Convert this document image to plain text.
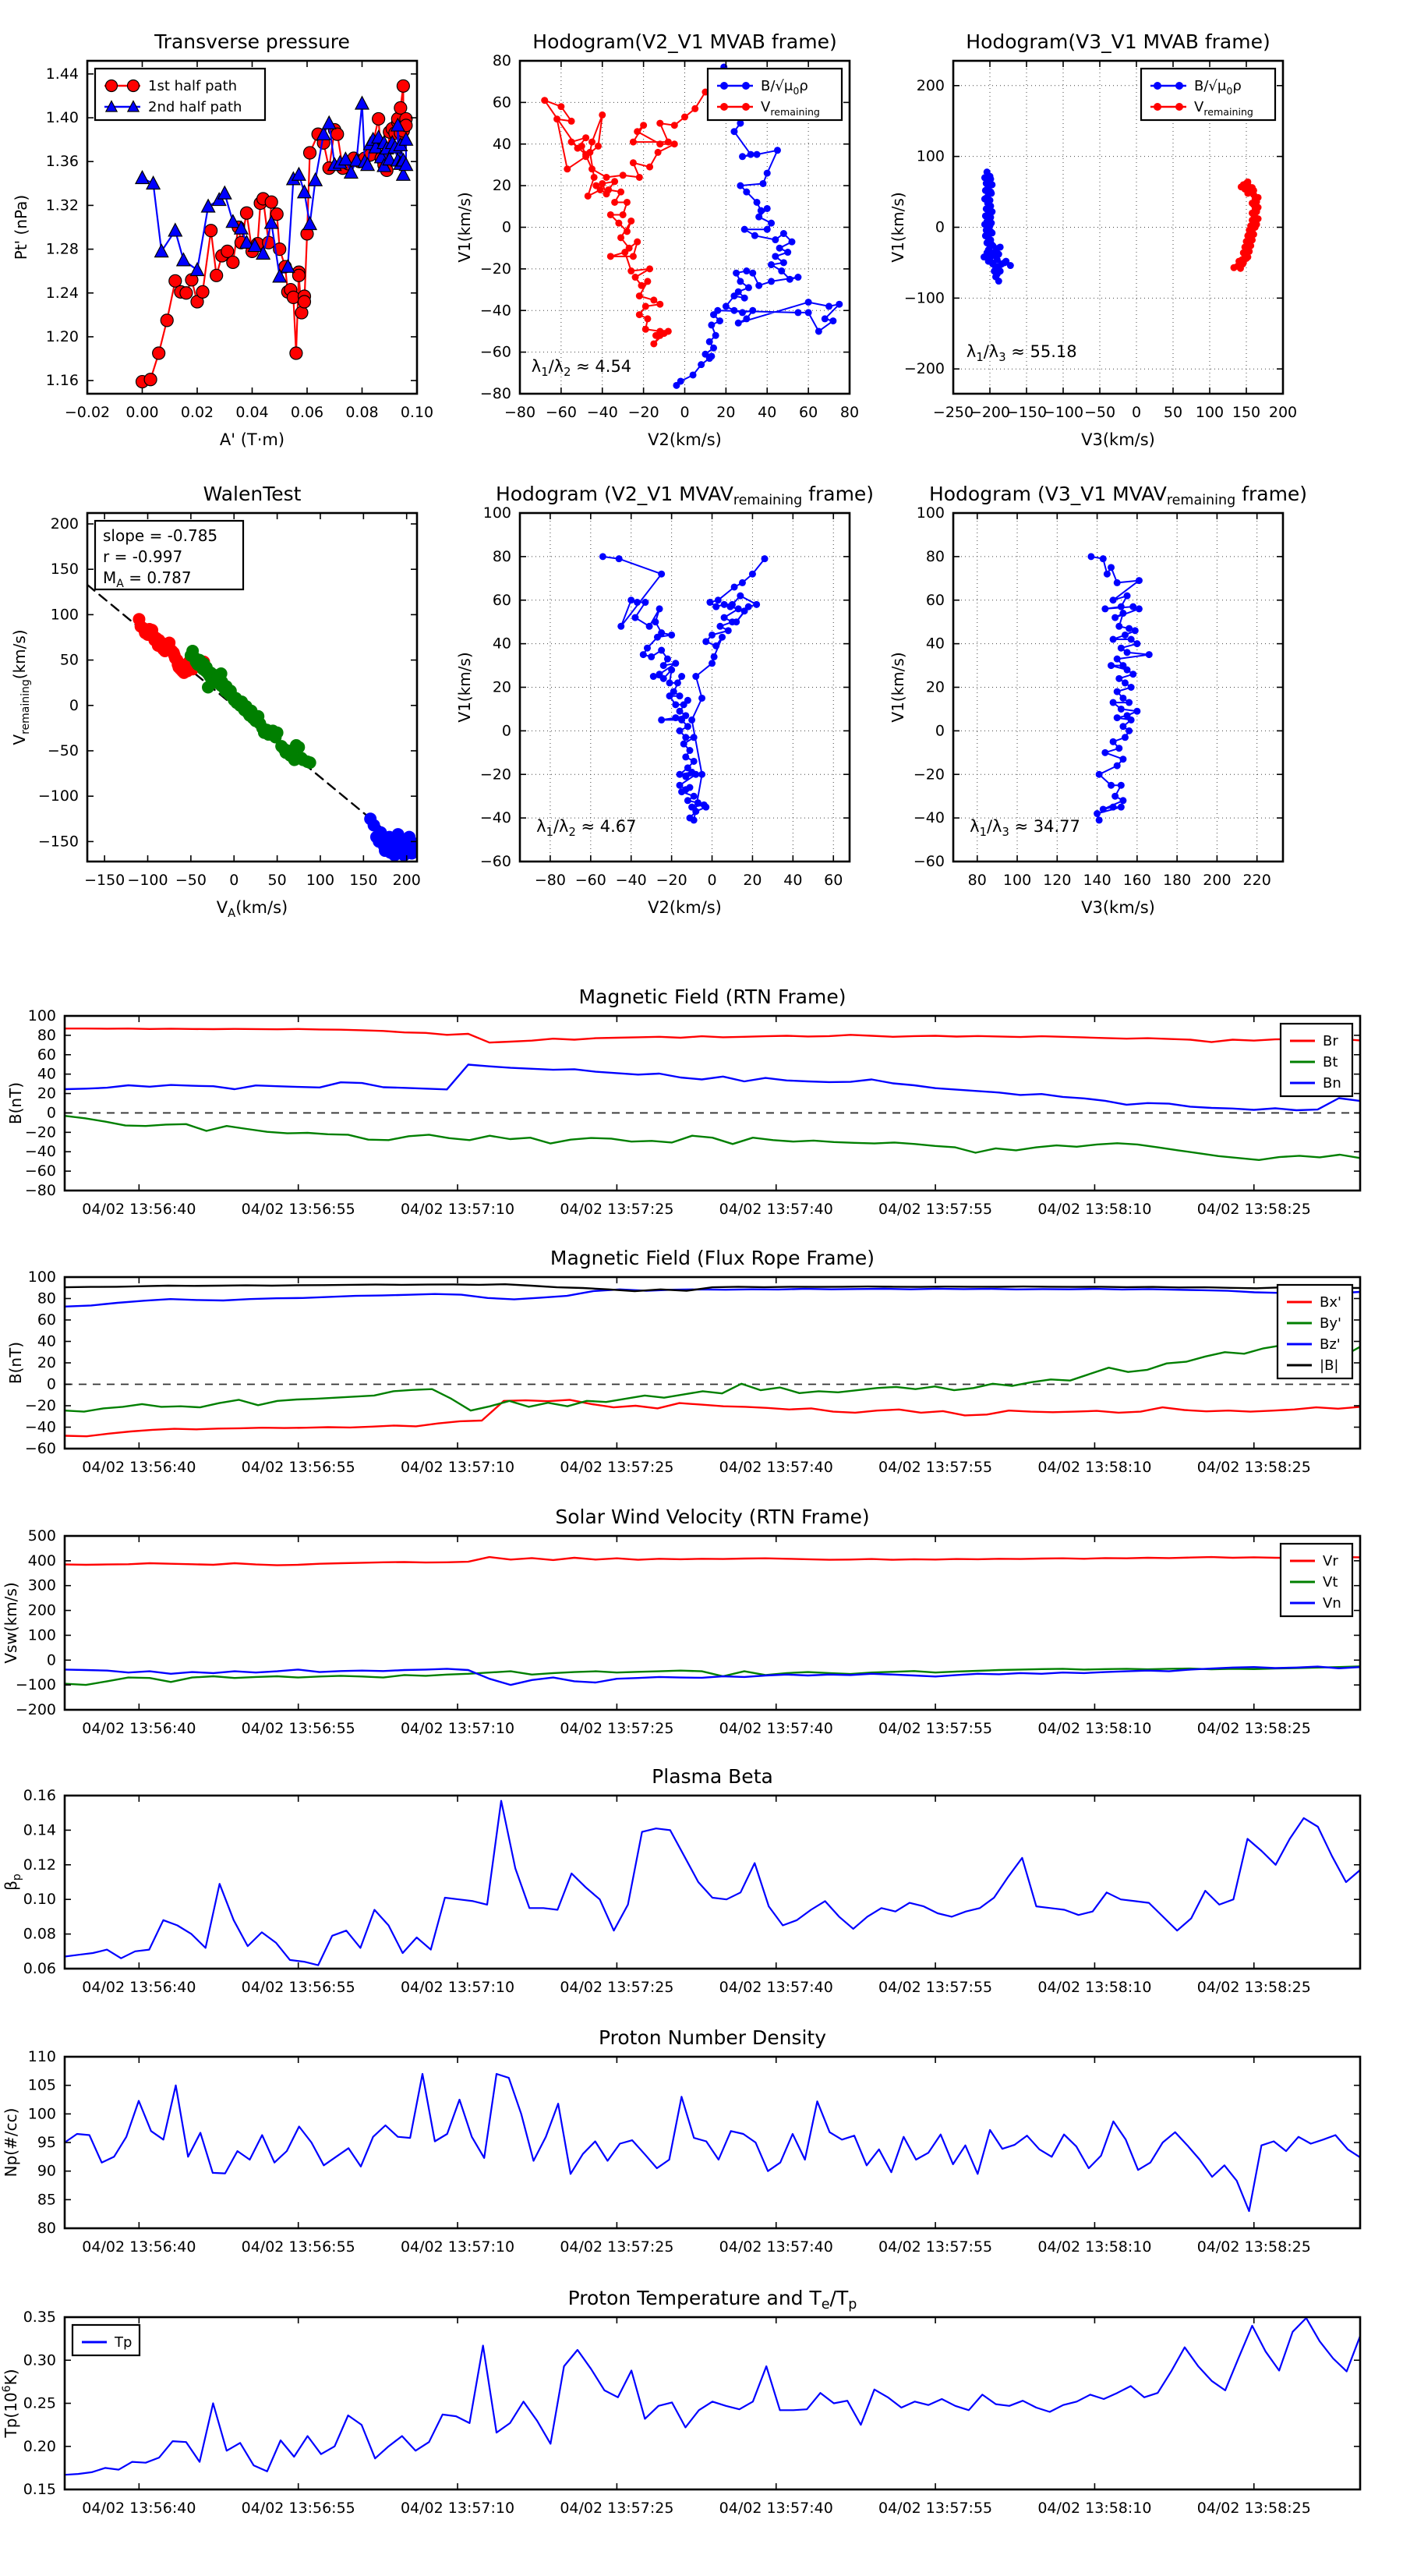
−0.02 0.00 0.02 0.04 0.06 0.08 0.10
1.16
1.20
1.24
1.28
1.32
1.36
1.40
1.44
Transverse pressure
A' (T·m)
Pt' (nPa)
1st half path
2nd half path
−80 −60 −40 −20 0 20 40 60 80
−80
−60
−40
−20
0
20
40
60
80
Hodogram(V2_V1 MVAB frame)
V2(km/s)
V1(km/s)
$\lambda_1/\lambda_2 \approx 4.54$
$B/√\mu_0\rho$
$V_{remaining}$
−250
−200
−150
−100 −50 0 50 100 150 200
−200
−100
0
100
200
Hodogram(V3_V1 MVAB frame)
V3(km/s)
V1(km/s)
$\lambda_1/\lambda_3 \approx 55.18$
$B/√\mu_0\rho$
$V_{remaining}$
−150 −100 −50 0 50 100 150 200
−150
−100
−50
0
50
100
150
200
WalenTest
$V_A(km/s)$
$V_{remaining}(km/s)$
slope = -0.785
r = -0.997
$M_A = 0.787$
−80 −60 −40 −20 0 20 40 60
−60
−40
−20
0
20
40
60
80
100
Hodogram (V2_V1 $MVAV_{remaining}$ frame)
V2(km/s)
V1(km/s)
$\lambda_1/\lambda_2 \approx 4.67$
80 100 120 140 160 180 200 220
−60
−40
−20
0
20
40
60
80
100
Hodogram (V3_V1 $MVAV_{remaining}$ frame)
V3(km/s)
V1(km/s)
$\lambda_1/\lambda_3 \approx 34.77$
04/02 13:56:40	04/02 13:56:55	04/02 13:57:10	04/02 13:57:25	04/02 13:57:40	04/02 13:57:55	04/02 13:58:10	04/02 13:58:25
−80
−60
−40
−20
0
20
40
60
80
100
Magnetic Field (RTN Frame)
B(nT)
Br
Bt
Bn
04/02 13:56:40	04/02 13:56:55	04/02 13:57:10	04/02 13:57:25	04/02 13:57:40	04/02 13:57:55	04/02 13:58:10	04/02 13:58:25
−60
−40
−20
0
20
40
60
80
100
Magnetic Field (Flux Rope Frame)
B(nT)
Bx'
By'
Bz'
|B|
04/02 13:56:40	04/02 13:56:55	04/02 13:57:10	04/02 13:57:25	04/02 13:57:40	04/02 13:57:55	04/02 13:58:10	04/02 13:58:25
−200
−100
0
100
200
300
400
500
Solar Wind Velocity (RTN Frame)
Vsw(km/s)
Vr
Vt
Vn
04/02 13:56:40	04/02 13:56:55	04/02 13:57:10	04/02 13:57:25	04/02 13:57:40	04/02 13:57:55	04/02 13:58:10	04/02 13:58:25
0.06
0.08
0.10
0.12
0.14
0.16
Plasma Beta
$\beta_p$
04/02 13:56:40	04/02 13:56:55	04/02 13:57:10	04/02 13:57:25	04/02 13:57:40	04/02 13:57:55	04/02 13:58:10	04/02 13:58:25
80
85
90
95
100
105
110
Proton Number Density
Np(#/cc)
04/02 13:56:40	04/02 13:56:55	04/02 13:57:10	04/02 13:57:25	04/02 13:57:40	04/02 13:57:55	04/02 13:58:10	04/02 13:58:25
0.15
0.20
0.25
0.30
0.35
Proton Temperature and $T_e/T_p$
$Tp(10^6K)$
Tp
